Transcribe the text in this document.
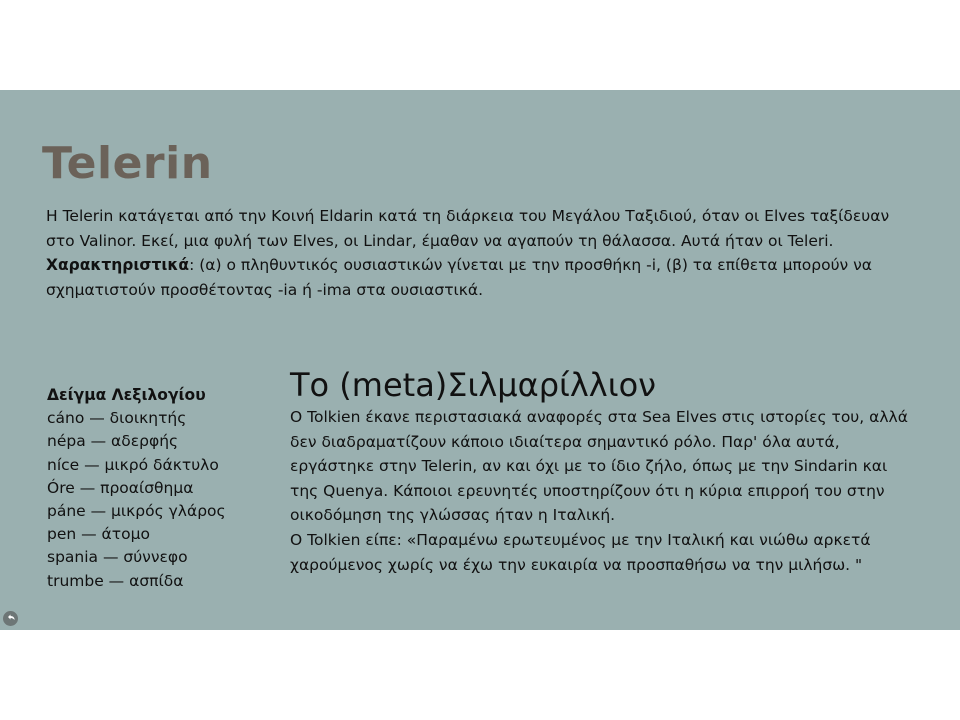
Telerin

Η Telerin κατάγεται από την Κοινή Eldarin κατά τη διάρκεια του Μεγάλου Ταξιδιού, όταν οι Elves ταξίδευαν στο Valinor. Εκεί, μια φυλή των Elves, οι Lindar, έμαθαν να αγαπούν τη θάλασσα. Αυτά ήταν οι Teleri.

Χαρακτηριστικά: (α) ο πληθυντικός ουσιαστικών γίνεται με την προσθήκη -i, (β) τα επίθετα μπορούν να σχηματιστούν προσθέτοντας -ia ή -ima στα ουσιαστικά.

Δείγμα Λεξιλογίου
cáno — διοικητής
néра — αδερφής
níce — μικρό δάκτυλο
Óre — προαίσθημα
páne — μικρός γλάρος
pen — άτομο
spania — σύννεφο
trumbe — ασπίδα
Το (meta)Σιλμαρίλλιον

Ο Tolkien έκανε περιστασιακά αναφορές στα Sea Elves στις ιστορίες του, αλλά δεν διαδραματίζουν κάποιο ιδιαίτερα σημαντικό ρόλο. Παρ' όλα αυτά, εργάστηκε στην Telerin, αν και όχι με το ίδιο ζήλο, όπως με την Sindarin και της Quenya. Κάποιοι ερευνητές υποστηρίζουν ότι η κύρια επιρροή του στην οικοδόμηση της γλώσσας ήταν η Ιταλική.

Ο Tolkien είπε: «Παραμένω ερωτευμένος με την Ιταλική και νιώθω αρκετά χαρούμενος χωρίς να έχω την ευκαιρία να προσπαθήσω να την μιλήσω. "
